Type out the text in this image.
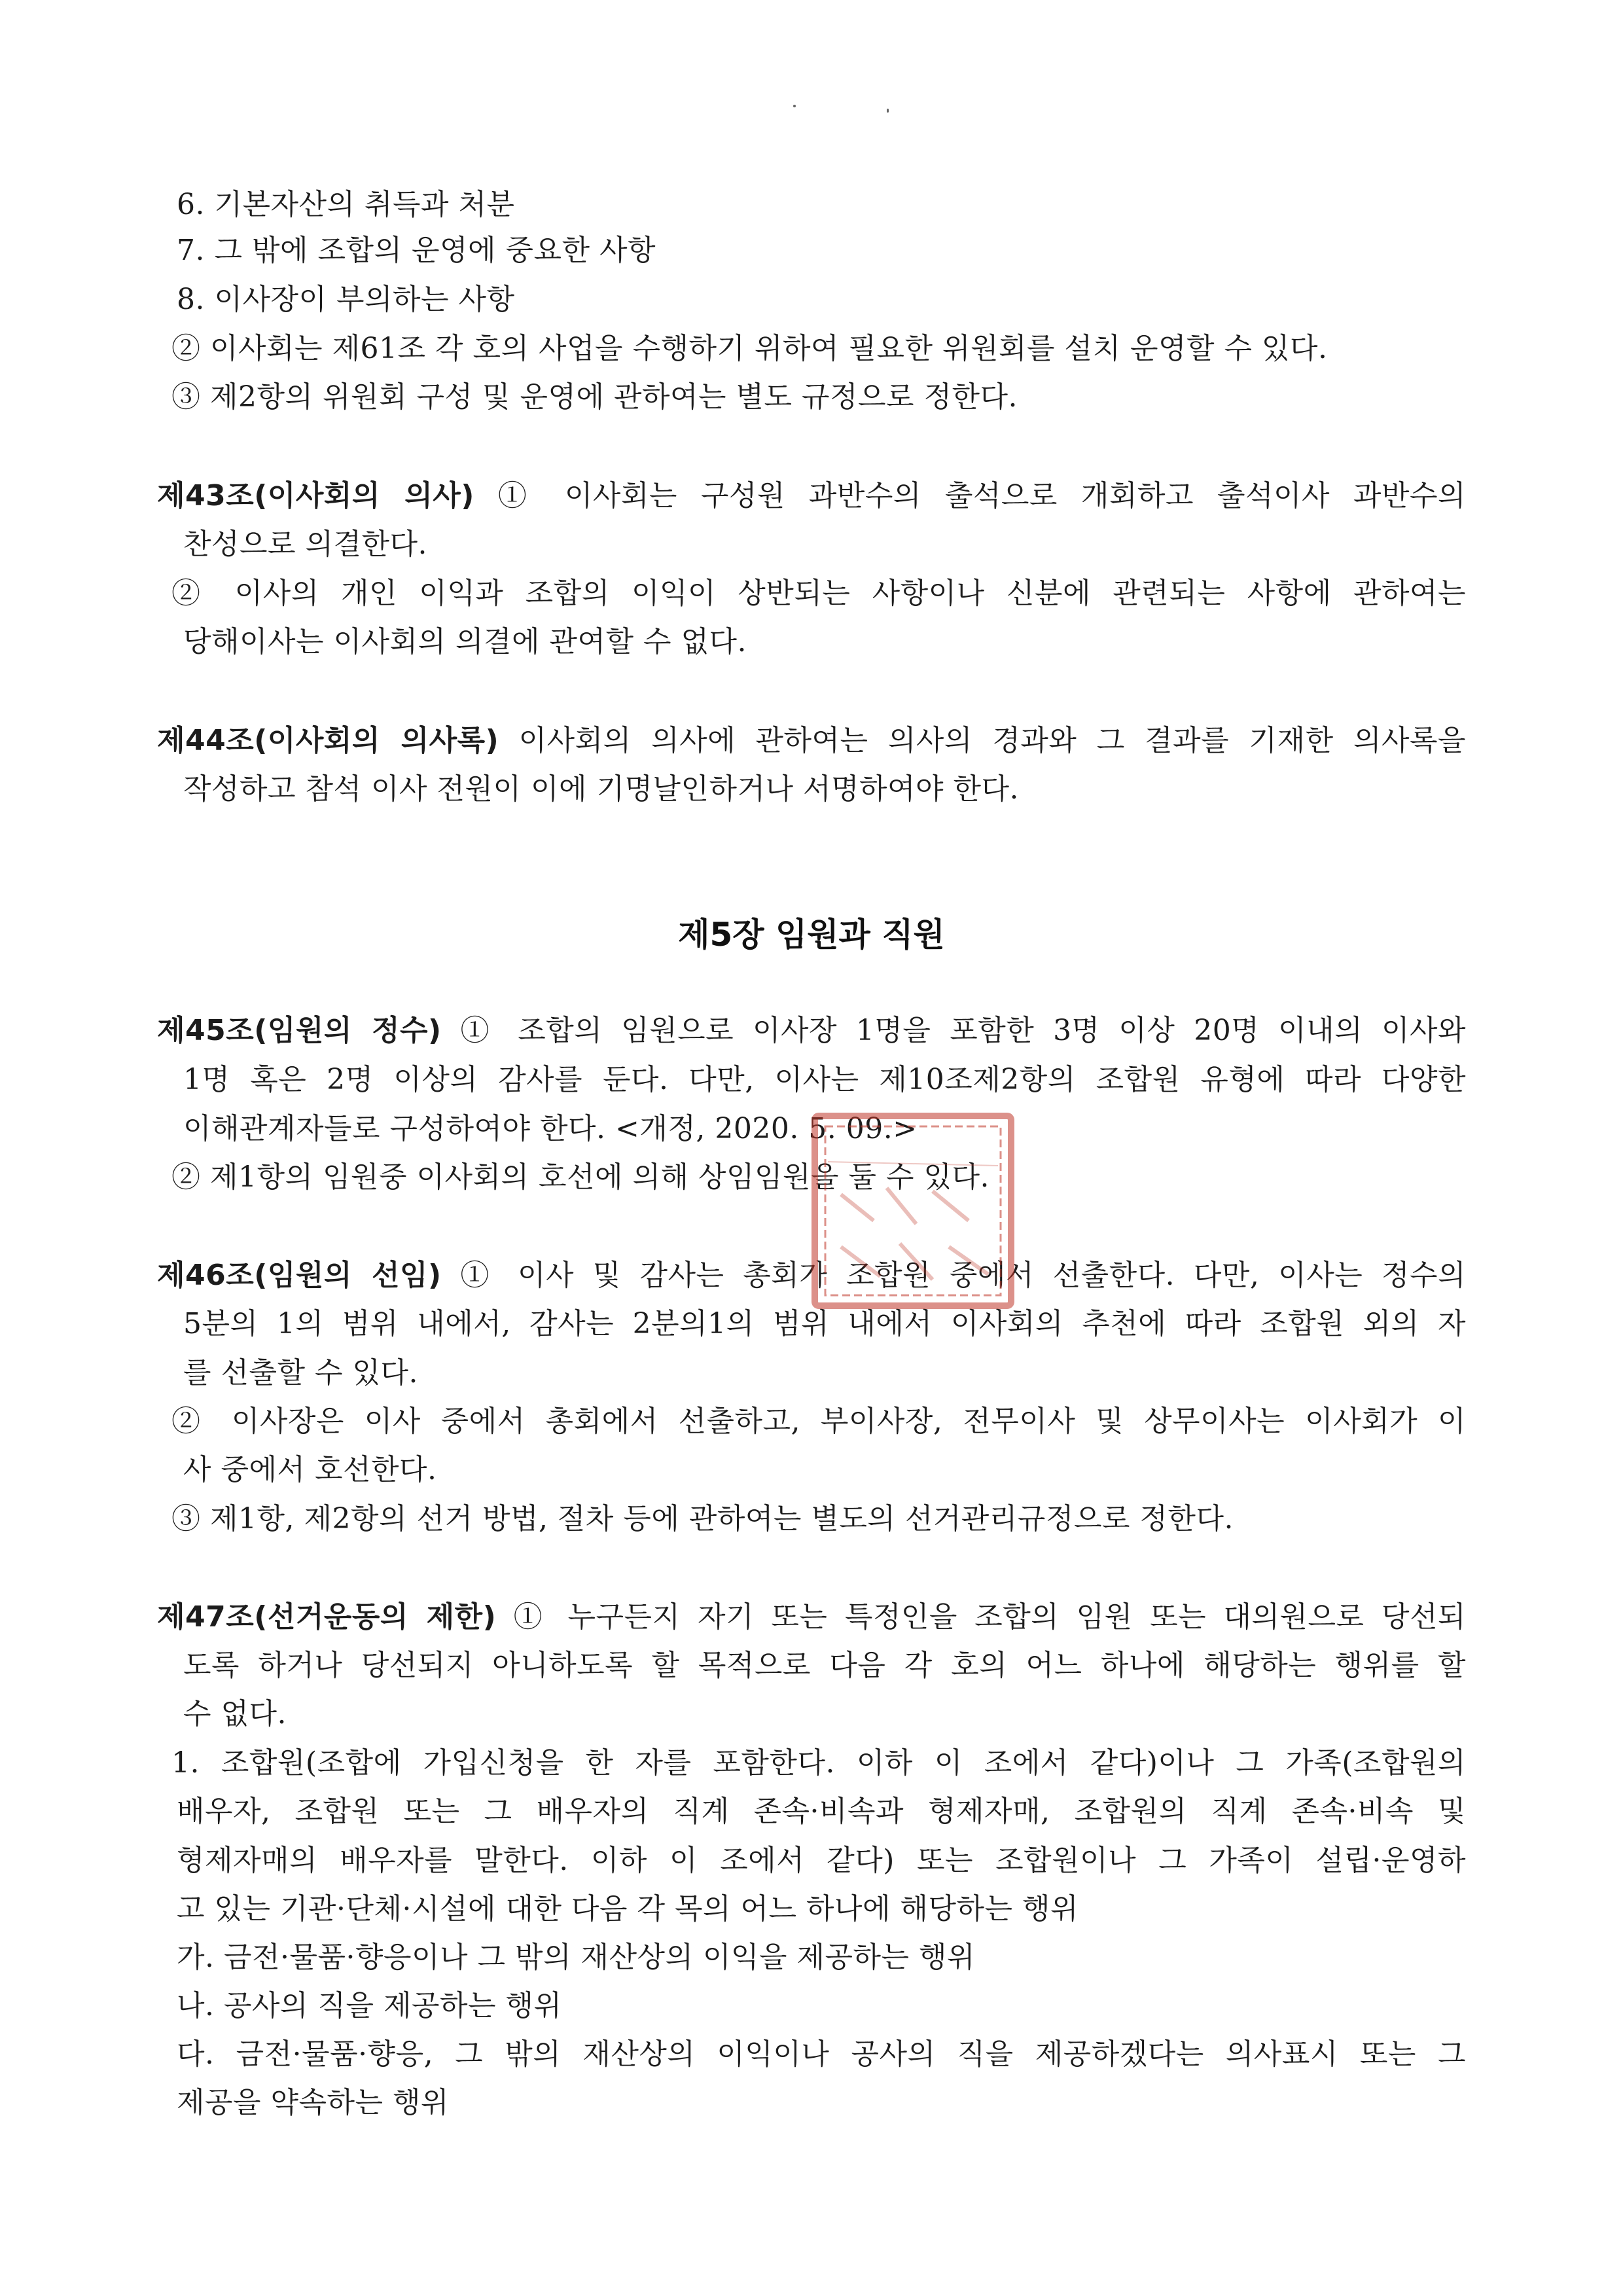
6. 기본자산의 취득과 처분
7. 그 밖에 조합의 운영에 중요한 사항
8. 이사장이 부의하는 사항
② 이사회는 제61조 각 호의 사업을 수행하기 위하여 필요한 위원회를 설치 운영할 수 있다.
③ 제2항의 위원회 구성 및 운영에 관하여는 별도 규정으로 정한다.
제43조(이사회의 의사) ① 이사회는 구성원 과반수의 출석으로 개회하고 출석이사 과반수의
찬성으로 의결한다.
② 이사의 개인 이익과 조합의 이익이 상반되는 사항이나 신분에 관련되는 사항에 관하여는
당해이사는 이사회의 의결에 관여할 수 없다.
제44조(이사회의 의사록) 이사회의 의사에 관하여는 의사의 경과와 그 결과를 기재한 의사록을
작성하고 참석 이사 전원이 이에 기명날인하거나 서명하여야 한다.
제5장 임원과 직원
제45조(임원의 정수) ① 조합의 임원으로 이사장 1명을 포함한 3명 이상 20명 이내의 이사와
1명 혹은 2명 이상의 감사를 둔다. 다만, 이사는 제10조제2항의 조합원 유형에 따라 다양한
이해관계자들로 구성하여야 한다. <개정, 2020. 5. 09.>
② 제1항의 임원중 이사회의 호선에 의해 상임임원을 둘 수 있다.
제46조(임원의 선임) ① 이사 및 감사는 총회가 조합원 중에서 선출한다. 다만, 이사는 정수의
5분의 1의 범위 내에서, 감사는 2분의1의 범위 내에서 이사회의 추천에 따라 조합원 외의 자
를 선출할 수 있다.
② 이사장은 이사 중에서 총회에서 선출하고, 부이사장, 전무이사 및 상무이사는 이사회가 이
사 중에서 호선한다.
③ 제1항, 제2항의 선거 방법, 절차 등에 관하여는 별도의 선거관리규정으로 정한다.
제47조(선거운동의 제한) ① 누구든지 자기 또는 특정인을 조합의 임원 또는 대의원으로 당선되
도록 하거나 당선되지 아니하도록 할 목적으로 다음 각 호의 어느 하나에 해당하는 행위를 할
수 없다.
1. 조합원(조합에 가입신청을 한 자를 포함한다. 이하 이 조에서 같다)이나 그 가족(조합원의
배우자, 조합원 또는 그 배우자의 직계 존속·비속과 형제자매, 조합원의 직계 존속·비속 및
형제자매의 배우자를 말한다. 이하 이 조에서 같다) 또는 조합원이나 그 가족이 설립·운영하
고 있는 기관·단체·시설에 대한 다음 각 목의 어느 하나에 해당하는 행위
가. 금전·물품·향응이나 그 밖의 재산상의 이익을 제공하는 행위
나. 공사의 직을 제공하는 행위
다. 금전·물품·향응, 그 밖의 재산상의 이익이나 공사의 직을 제공하겠다는 의사표시 또는 그
제공을 약속하는 행위
